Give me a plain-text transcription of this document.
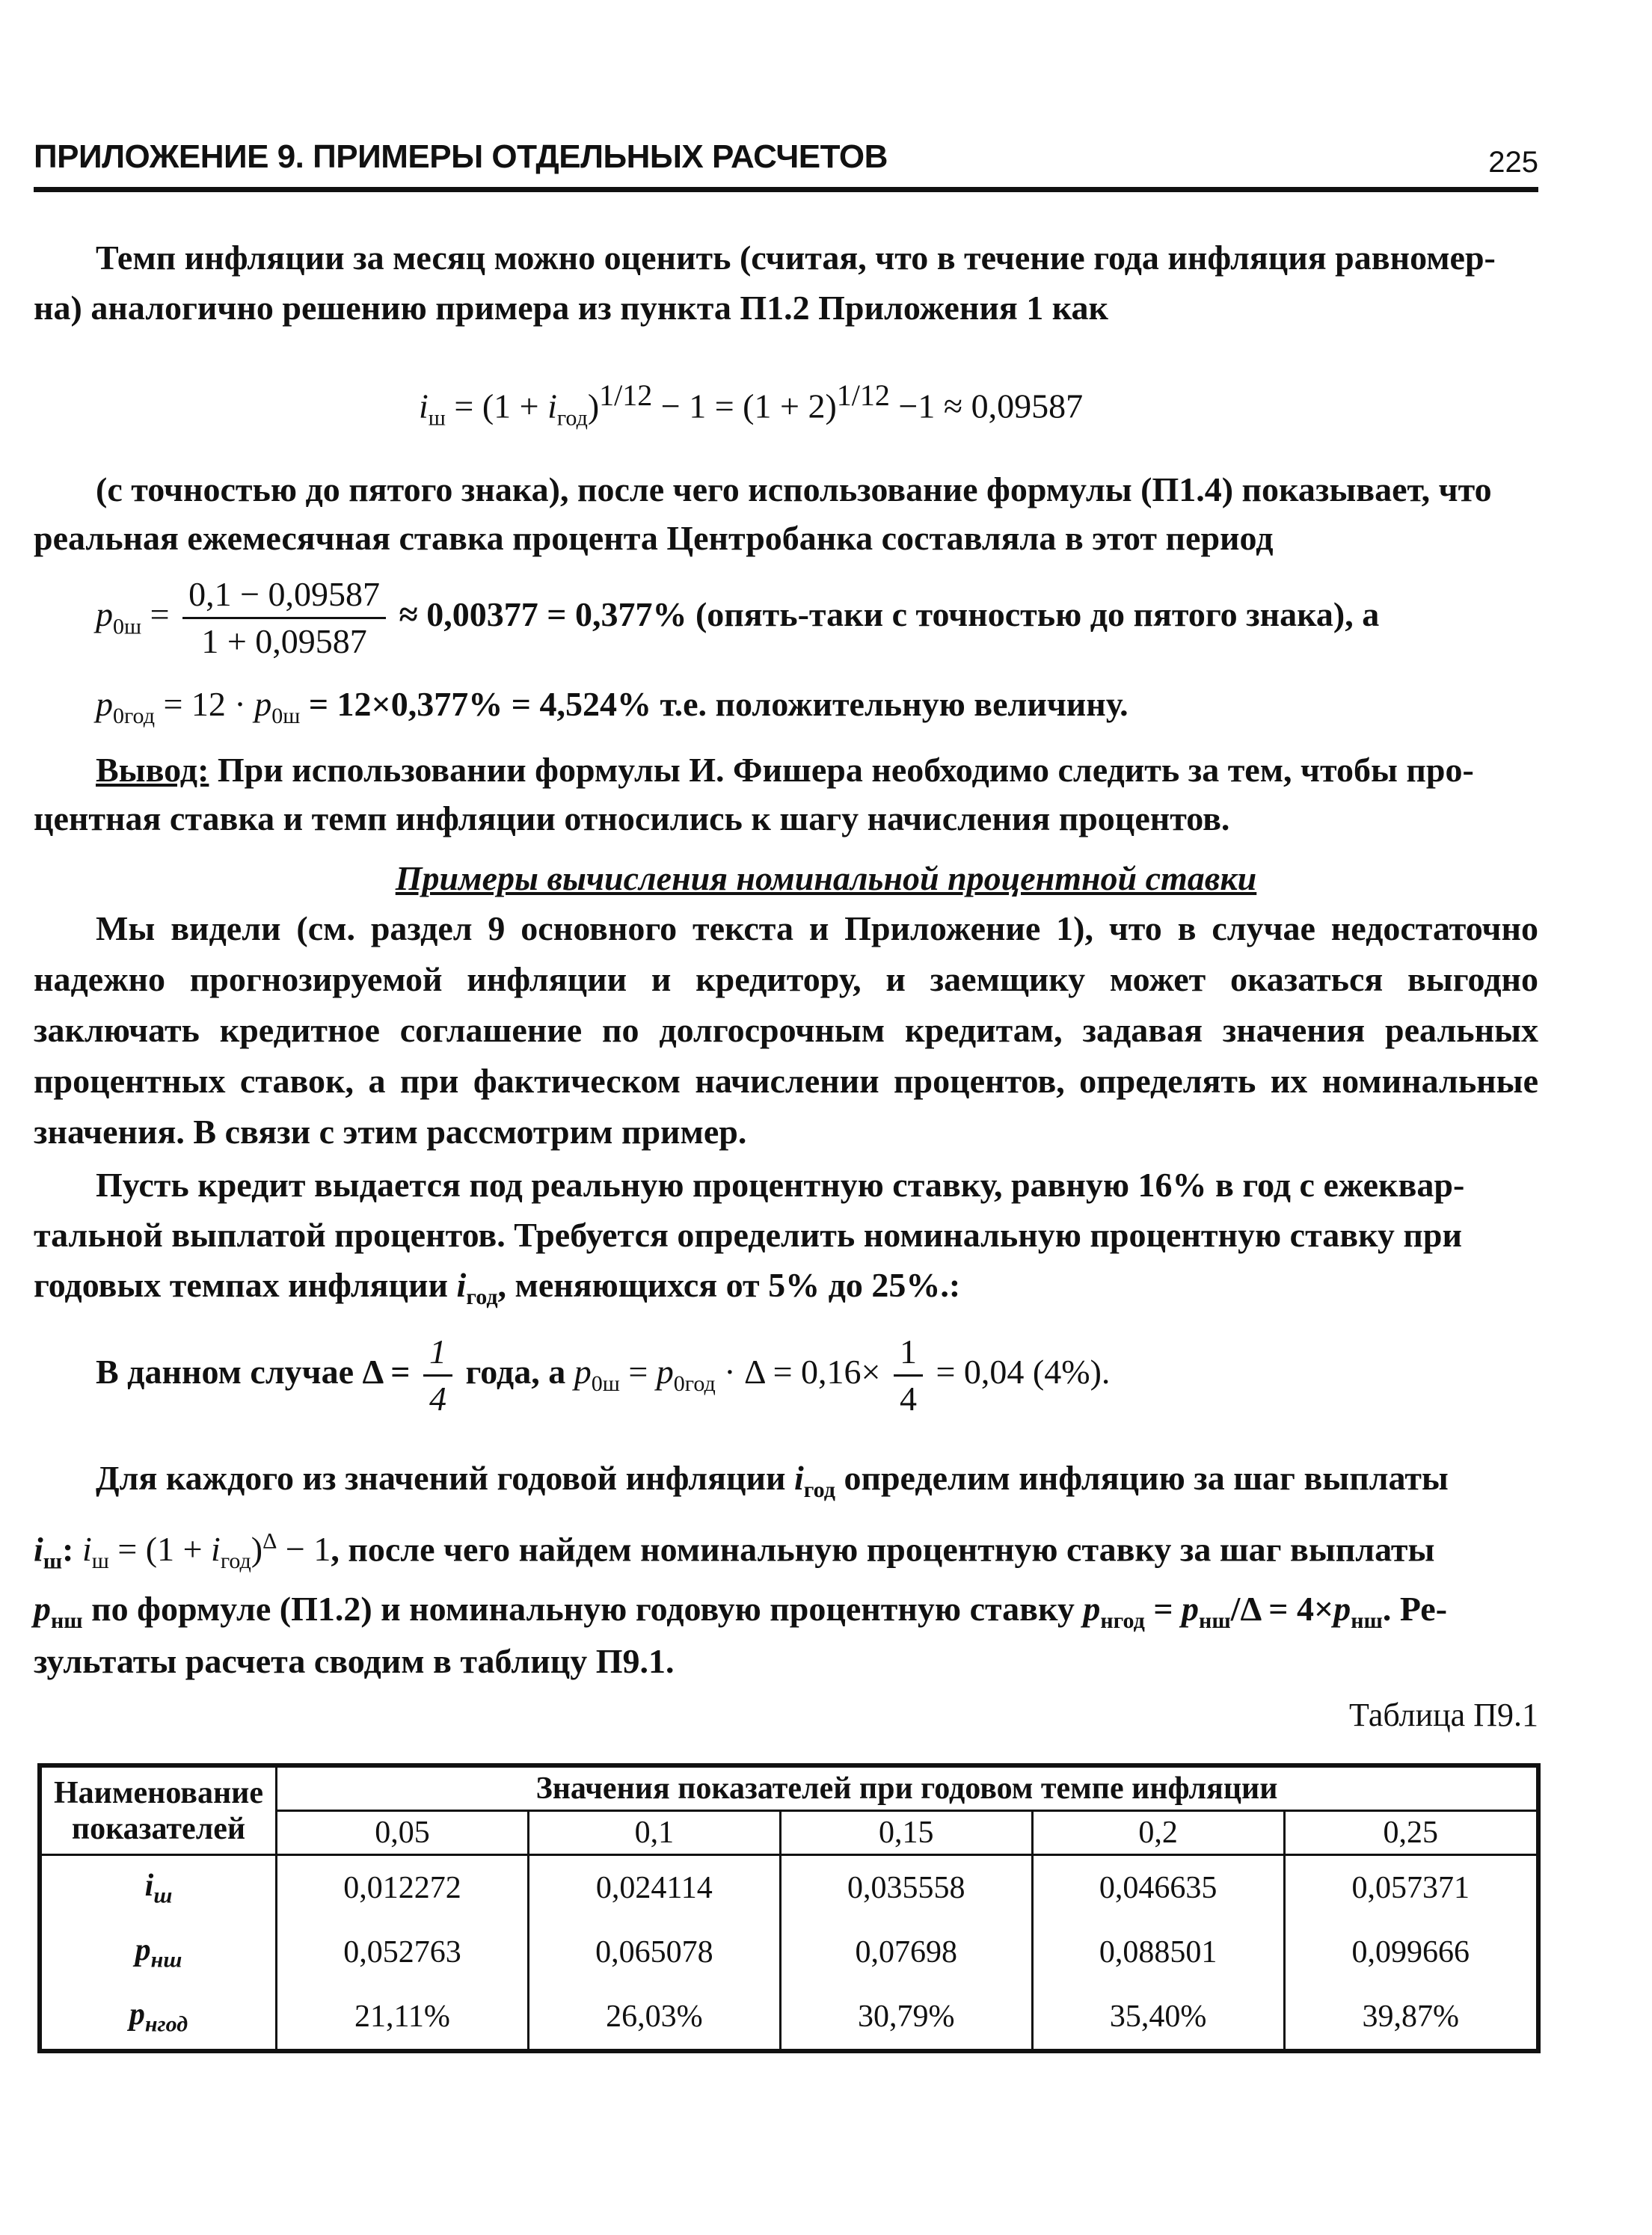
ПРИЛОЖЕНИЕ 9. ПРИМЕРЫ ОТДЕЛЬНЫХ РАСЧЕТОВ	225
Темп инфляции за месяц можно оценить (считая, что в течение года инфляция равномер-
на) аналогично решению примера из пункта П1.2 Приложения 1 как
$i_ш = (1 + i_{год})^{1/12} - 1 = (1 + 2)^{1/12} -1 \approx 0,09587$
(с точностью до пятого знака), после чего использование формулы (П1.4) показывает, что
реальная ежемесячная ставка процента Центробанка составляла в этот период
$p_{0ш} = \frac{0,1 - 0,09587}{1 + 0,09587} \approx 0,00377 = 0,377\%$ (опять-таки с точностью до пятого знака), а
$p_{0год} = 12 \cdot p_{0ш} = 12\times 0,377\% = 4,524\%$ т.е. положительную величину.
Вывод: При использовании формулы И. Фишера необходимо следить за тем, чтобы про-
центная ставка и темп инфляции относились к шагу начисления процентов.
Примеры вычисления номинальной процентной ставки
Мы видели (см. раздел 9 основного текста и Приложение 1), что в случае недостаточно надежно прогнозируемой инфляции и кредитору, и заемщику может оказаться выгодно заключать кредитное соглашение по долгосрочным кредитам, задавая значения реальных процентных ставок, а при фактическом начислении процентов, определять их номинальные значения. В связи с этим рассмотрим пример.
Пусть кредит выдается под реальную процентную ставку, равную 16% в год с ежеквар-
тальной выплатой процентов. Требуется определить номинальную процентную ставку при
годовых темпах инфляции $i_{год}$, меняющихся от 5% до 25%.:
В данном случае $\Delta = \frac{1}{4}$ года, а $p_{0ш} = p_{0год} \cdot \Delta = 0,16\times \frac{1}{4} = 0,04$ (4%).
Для каждого из значений годовой инфляции $i_{год}$ определим инфляцию за шаг выплаты
$i_ш$: $i_ш = (1 + i_{год})^\Delta - 1$, после чего найдем номинальную процентную ставку за шаг выплаты
$p_{нш}$ по формуле (П1.2) и номинальную годовую процентную ставку $p_{нгод} = p_{нш}/\Delta = 4\times p_{нш}$. Ре-
зультаты расчета сводим в таблицу П9.1.
Таблица П9.1
Наименование
показателей	Значения показателей при годовом темпе инфляции				
	0,05	0,1	0,15	0,2	0,25
$i_ш$	0,012272	0,024114	0,035558	0,046635	0,057371
$p_{нш}$	0,052763	0,065078	0,07698	0,088501	0,099666
$p_{нгод}$	21,11%	26,03%	30,79%	35,40%	39,87%
